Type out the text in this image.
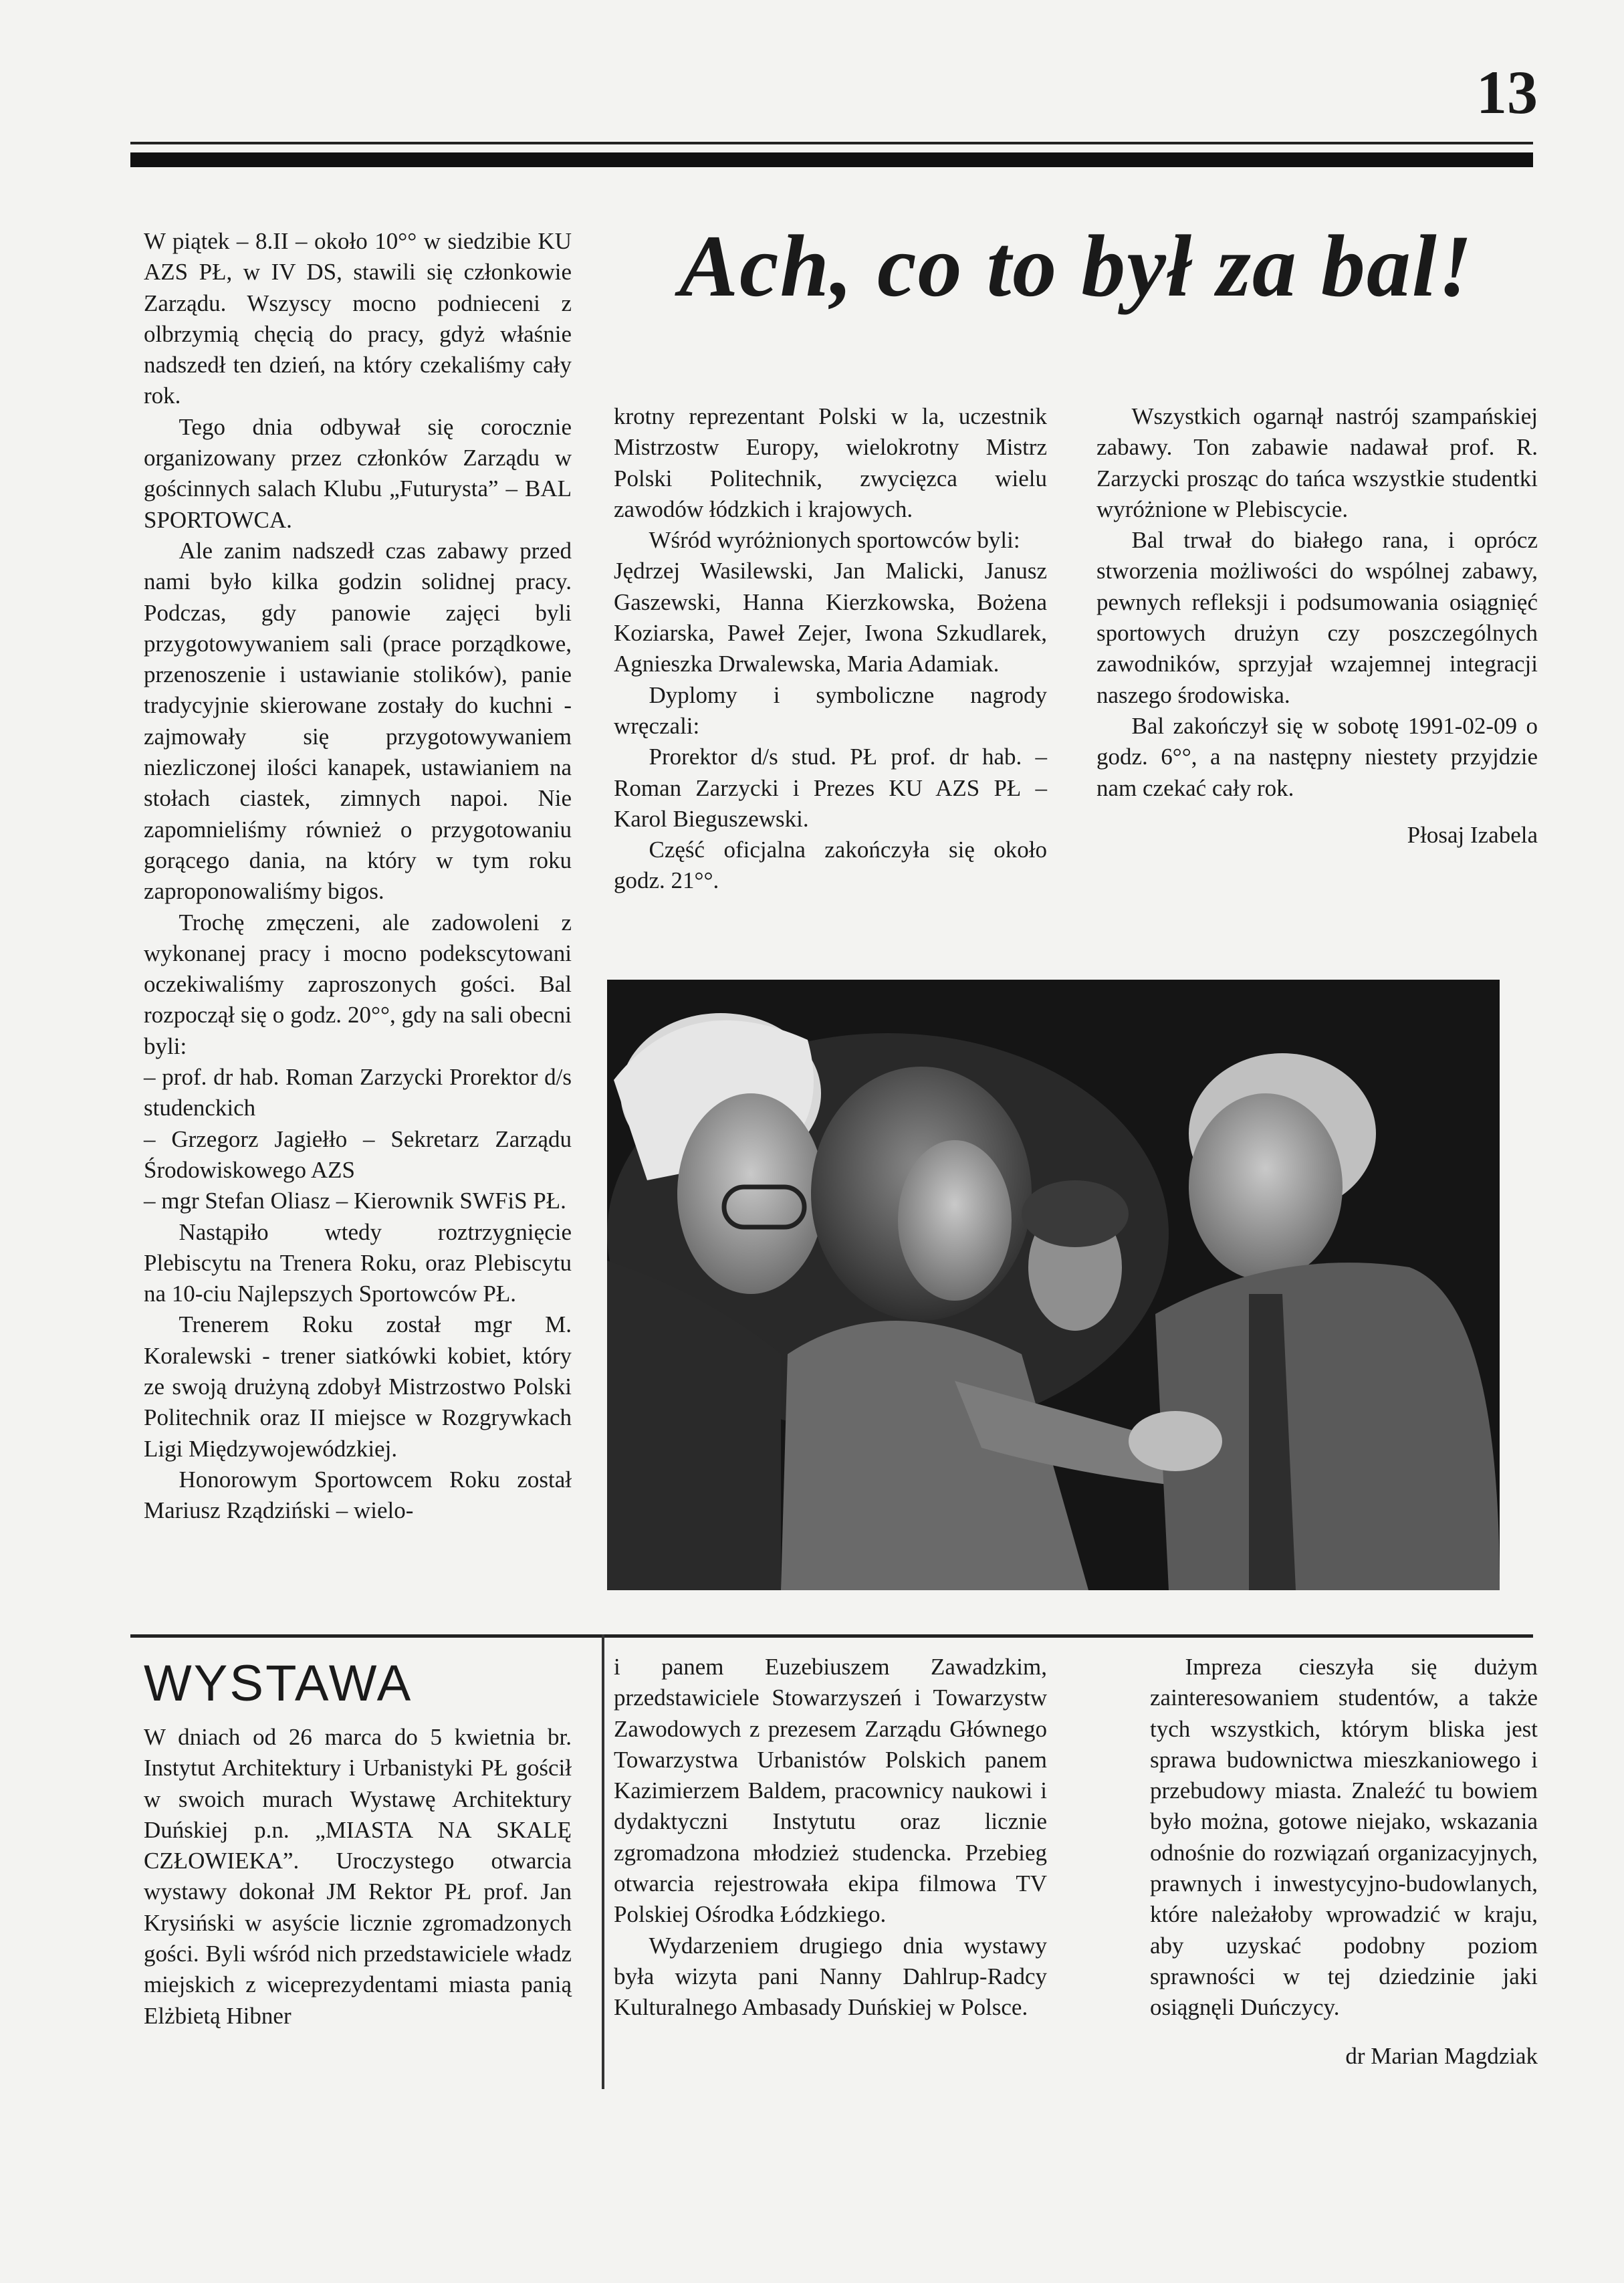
13
Ach, co to był za bal!

W piątek – 8.II – około 10°° w siedzibie KU AZS PŁ, w IV DS, stawili się członkowie Zarządu. Wszyscy mocno podnieceni z olbrzymią chęcią do pracy, gdyż właśnie nadszedł ten dzień, na który czekaliśmy cały rok.

Tego dnia odbywał się corocznie organizowany przez członków Zarządu w gościnnych salach Klubu „Futurysta” – BAL SPORTOWCA.

Ale zanim nadszedł czas zabawy przed nami było kilka godzin solidnej pracy. Podczas, gdy panowie zajęci byli przygotowywaniem sali (prace porządkowe, przenoszenie i ustawianie stolików), panie tradycyjnie skierowane zostały do kuchni - zajmowały się przygotowywaniem niezliczonej ilości kanapek, ustawianiem na stołach ciastek, zimnych napoi. Nie zapomnieliśmy również o przygotowaniu gorącego dania, na który w tym roku zaproponowaliśmy bigos.

Trochę zmęczeni, ale zadowoleni z wykonanej pracy i mocno podekscytowani oczekiwaliśmy zaproszonych gości. Bal rozpoczął się o godz. 20°°, gdy na sali obecni byli:

– prof. dr hab. Roman Zarzycki Prorektor d/s studenckich

– Grzegorz Jagiełło – Sekretarz Zarządu Środowiskowego AZS

– mgr Stefan Oliasz – Kierownik SWFiS PŁ.

Nastąpiło wtedy roztrzygnięcie Plebiscytu na Trenera Roku, oraz Plebiscytu na 10-ciu Najlepszych Sportowców PŁ.

Trenerem Roku został mgr M. Koralewski - trener siatkówki kobiet, który ze swoją drużyną zdobył Mistrzostwo Polski Politechnik oraz II miejsce w Rozgrywkach Ligi Międzywojewódzkiej.

Honorowym Sportowcem Roku został Mariusz Rządziński – wielo-

krotny reprezentant Polski w la, uczestnik Mistrzostw Europy, wielokrotny Mistrz Polski Politechnik, zwycięzca wielu zawodów łódzkich i krajowych.

Wśród wyróżnionych sportowców byli:

Jędrzej Wasilewski, Jan Malicki, Janusz Gaszewski, Hanna Kierzkowska, Bożena Koziarska, Paweł Zejer, Iwona Szkudlarek, Agnieszka Drwalewska, Maria Adamiak.

Dyplomy i symboliczne nagrody wręczali:

Prorektor d/s stud. PŁ prof. dr hab. – Roman Zarzycki i Prezes KU AZS PŁ – Karol Bieguszewski.

Część oficjalna zakończyła się około godz. 21°°.

Wszystkich ogarnął nastrój szampańskiej zabawy. Ton zabawie nadawał prof. R. Zarzycki prosząc do tańca wszystkie studentki wyróżnione w Plebiscycie.

Bal trwał do białego rana, i oprócz stworzenia możliwości do wspólnej zabawy, pewnych refleksji i podsumowania osiągnięć sportowych drużyn czy poszczególnych zawodników, sprzyjał wzajemnej integracji naszego środowiska.

Bal zakończył się w sobotę 1991-02-09 o godz. 6°°, a na następny niestety przyjdzie nam czekać cały rok.

Płosaj Izabela

WYSTAWA

W dniach od 26 marca do 5 kwietnia br. Instytut Architektury i Urbanistyki PŁ gościł w swoich murach Wystawę Architektury Duńskiej p.n. „MIASTA NA SKALĘ CZŁOWIEKA”. Uroczystego otwarcia wystawy dokonał JM Rektor PŁ prof. Jan Krysiński w asyście licznie zgromadzonych gości. Byli wśród nich przedstawiciele władz miejskich z wiceprezydentami miasta panią Elżbietą Hibner

i panem Euzebiuszem Zawadzkim, przedstawiciele Stowarzyszeń i Towarzystw Zawodowych z prezesem Zarządu Głównego Towarzystwa Urbanistów Polskich panem Kazimierzem Baldem, pracownicy naukowi i dydaktyczni Instytutu oraz licznie zgromadzona młodzież studencka. Przebieg otwarcia rejestrowała ekipa filmowa TV Polskiej Ośrodka Łódzkiego.

Wydarzeniem drugiego dnia wystawy była wizyta pani Nanny Dahlrup-Radcy Kulturalnego Ambasady Duńskiej w Polsce.

Impreza cieszyła się dużym zainteresowaniem studentów, a także tych wszystkich, którym bliska jest sprawa budownictwa mieszkaniowego i przebudowy miasta. Znaleźć tu bowiem było można, gotowe niejako, wskazania odnośnie do rozwiązań organizacyjnych, prawnych i inwestycyjno-budowlanych, które należałoby wprowadzić w kraju, aby uzyskać podobny poziom sprawności w tej dziedzinie jaki osiągnęli Duńczycy.

dr Marian Magdziak
